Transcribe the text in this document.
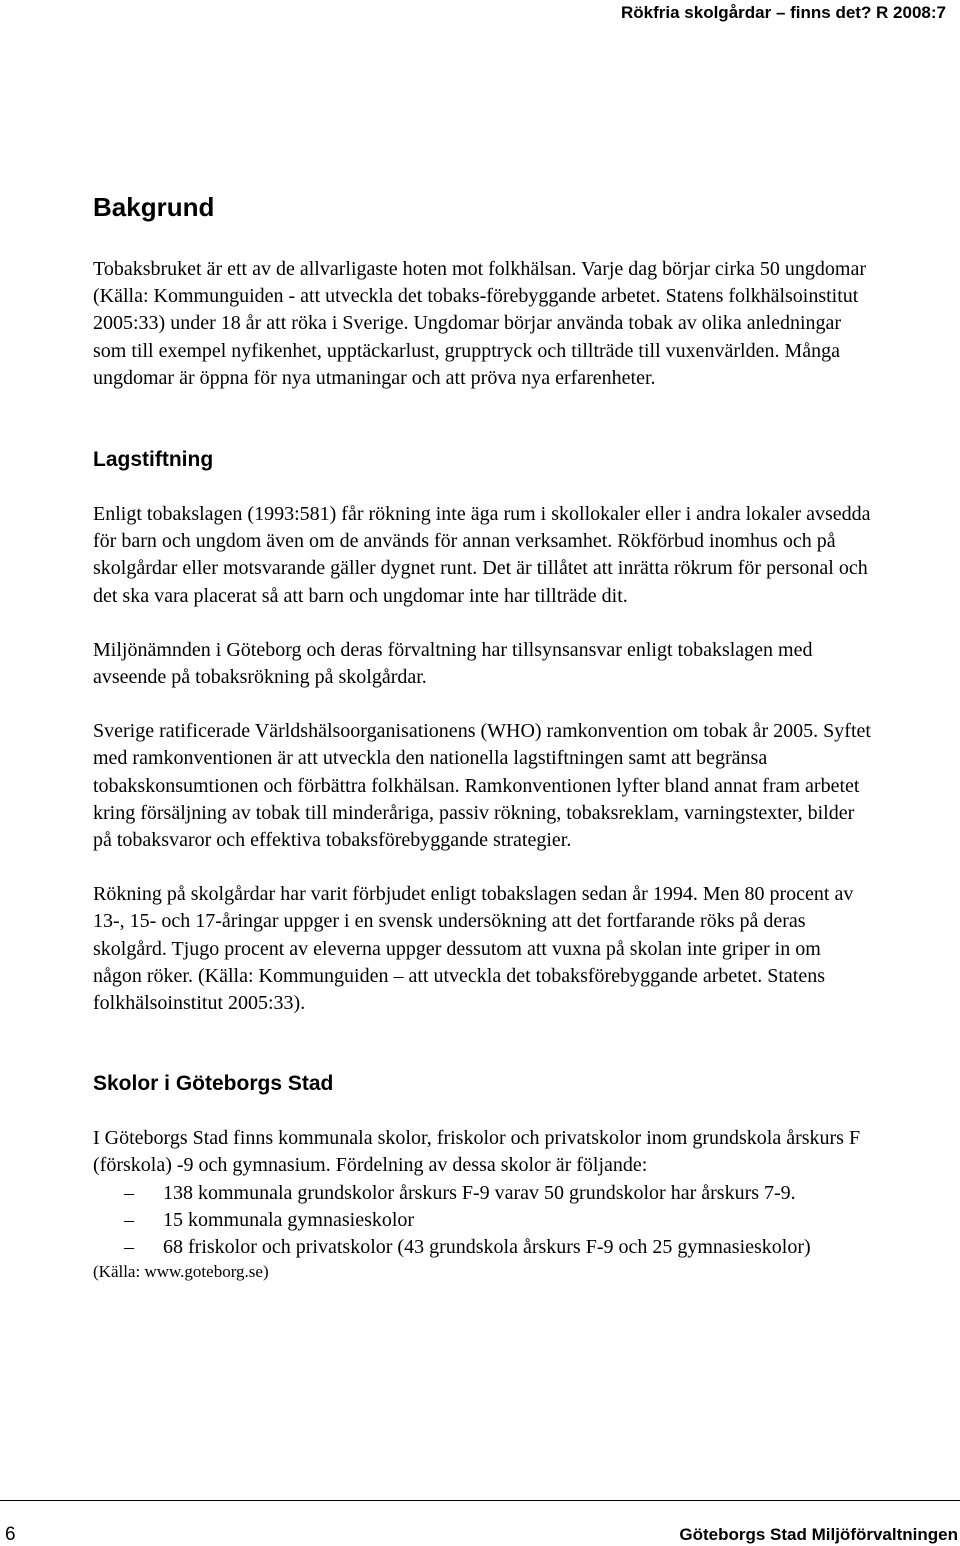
Rökfria skolgårdar – finns det? R 2008:7
Bakgrund

Tobaksbruket är ett av de allvarligaste hoten mot folkhälsan. Varje dag börjar cirka 50 ungdomar (Källa: Kommunguiden - att utveckla det tobaks-förebyggande arbetet. Statens folkhälsoinstitut 2005:33) under 18 år att röka i Sverige. Ungdomar börjar använda tobak av olika anledningar som till exempel nyfikenhet, upptäckarlust, grupptryck och tillträde till vuxenvärlden. Många ungdomar är öppna för nya utmaningar och att pröva nya erfarenheter.

Lagstiftning

Enligt tobakslagen (1993:581) får rökning inte äga rum i skollokaler eller i andra lokaler avsedda för barn och ungdom även om de används för annan verksamhet. Rökförbud inomhus och på skolgårdar eller motsvarande gäller dygnet runt. Det är tillåtet att inrätta rökrum för personal och det ska vara placerat så att barn och ungdomar inte har tillträde dit.

Miljönämnden i Göteborg och deras förvaltning har tillsynsansvar enligt tobakslagen med avseende på tobaksrökning på skolgårdar.

Sverige ratificerade Världshälsoorganisationens (WHO) ramkonvention om tobak år 2005. Syftet med ramkonventionen är att utveckla den nationella lagstiftningen samt att begränsa tobakskonsumtionen och förbättra folkhälsan. Ramkonventionen lyfter bland annat fram arbetet kring försäljning av tobak till minderåriga, passiv rökning, tobaksreklam, varningstexter, bilder på tobaksvaror och effektiva tobaksförebyggande strategier.

Rökning på skolgårdar har varit förbjudet enligt tobakslagen sedan år 1994. Men 80 procent av 13-, 15- och 17-åringar uppger i en svensk undersökning att det fortfarande röks på deras skolgård. Tjugo procent av eleverna uppger dessutom att vuxna på skolan inte griper in om någon röker. (Källa: Kommunguiden – att utveckla det tobaksförebyggande arbetet. Statens folkhälsoinstitut 2005:33).

Skolor i Göteborgs Stad

I Göteborgs Stad finns kommunala skolor, friskolor och privatskolor inom grundskola årskurs F (förskola) -9 och gymnasium. Fördelning av dessa skolor är följande:

– 138 kommunala grundskolor årskurs F-9 varav 50 grundskolor har årskurs 7-9.
– 15 kommunala gymnasieskolor
– 68 friskolor och privatskolor (43 grundskola årskurs F-9 och 25 gymnasieskolor)

(Källa: www.goteborg.se)

6	Göteborgs Stad Miljöförvaltningen
